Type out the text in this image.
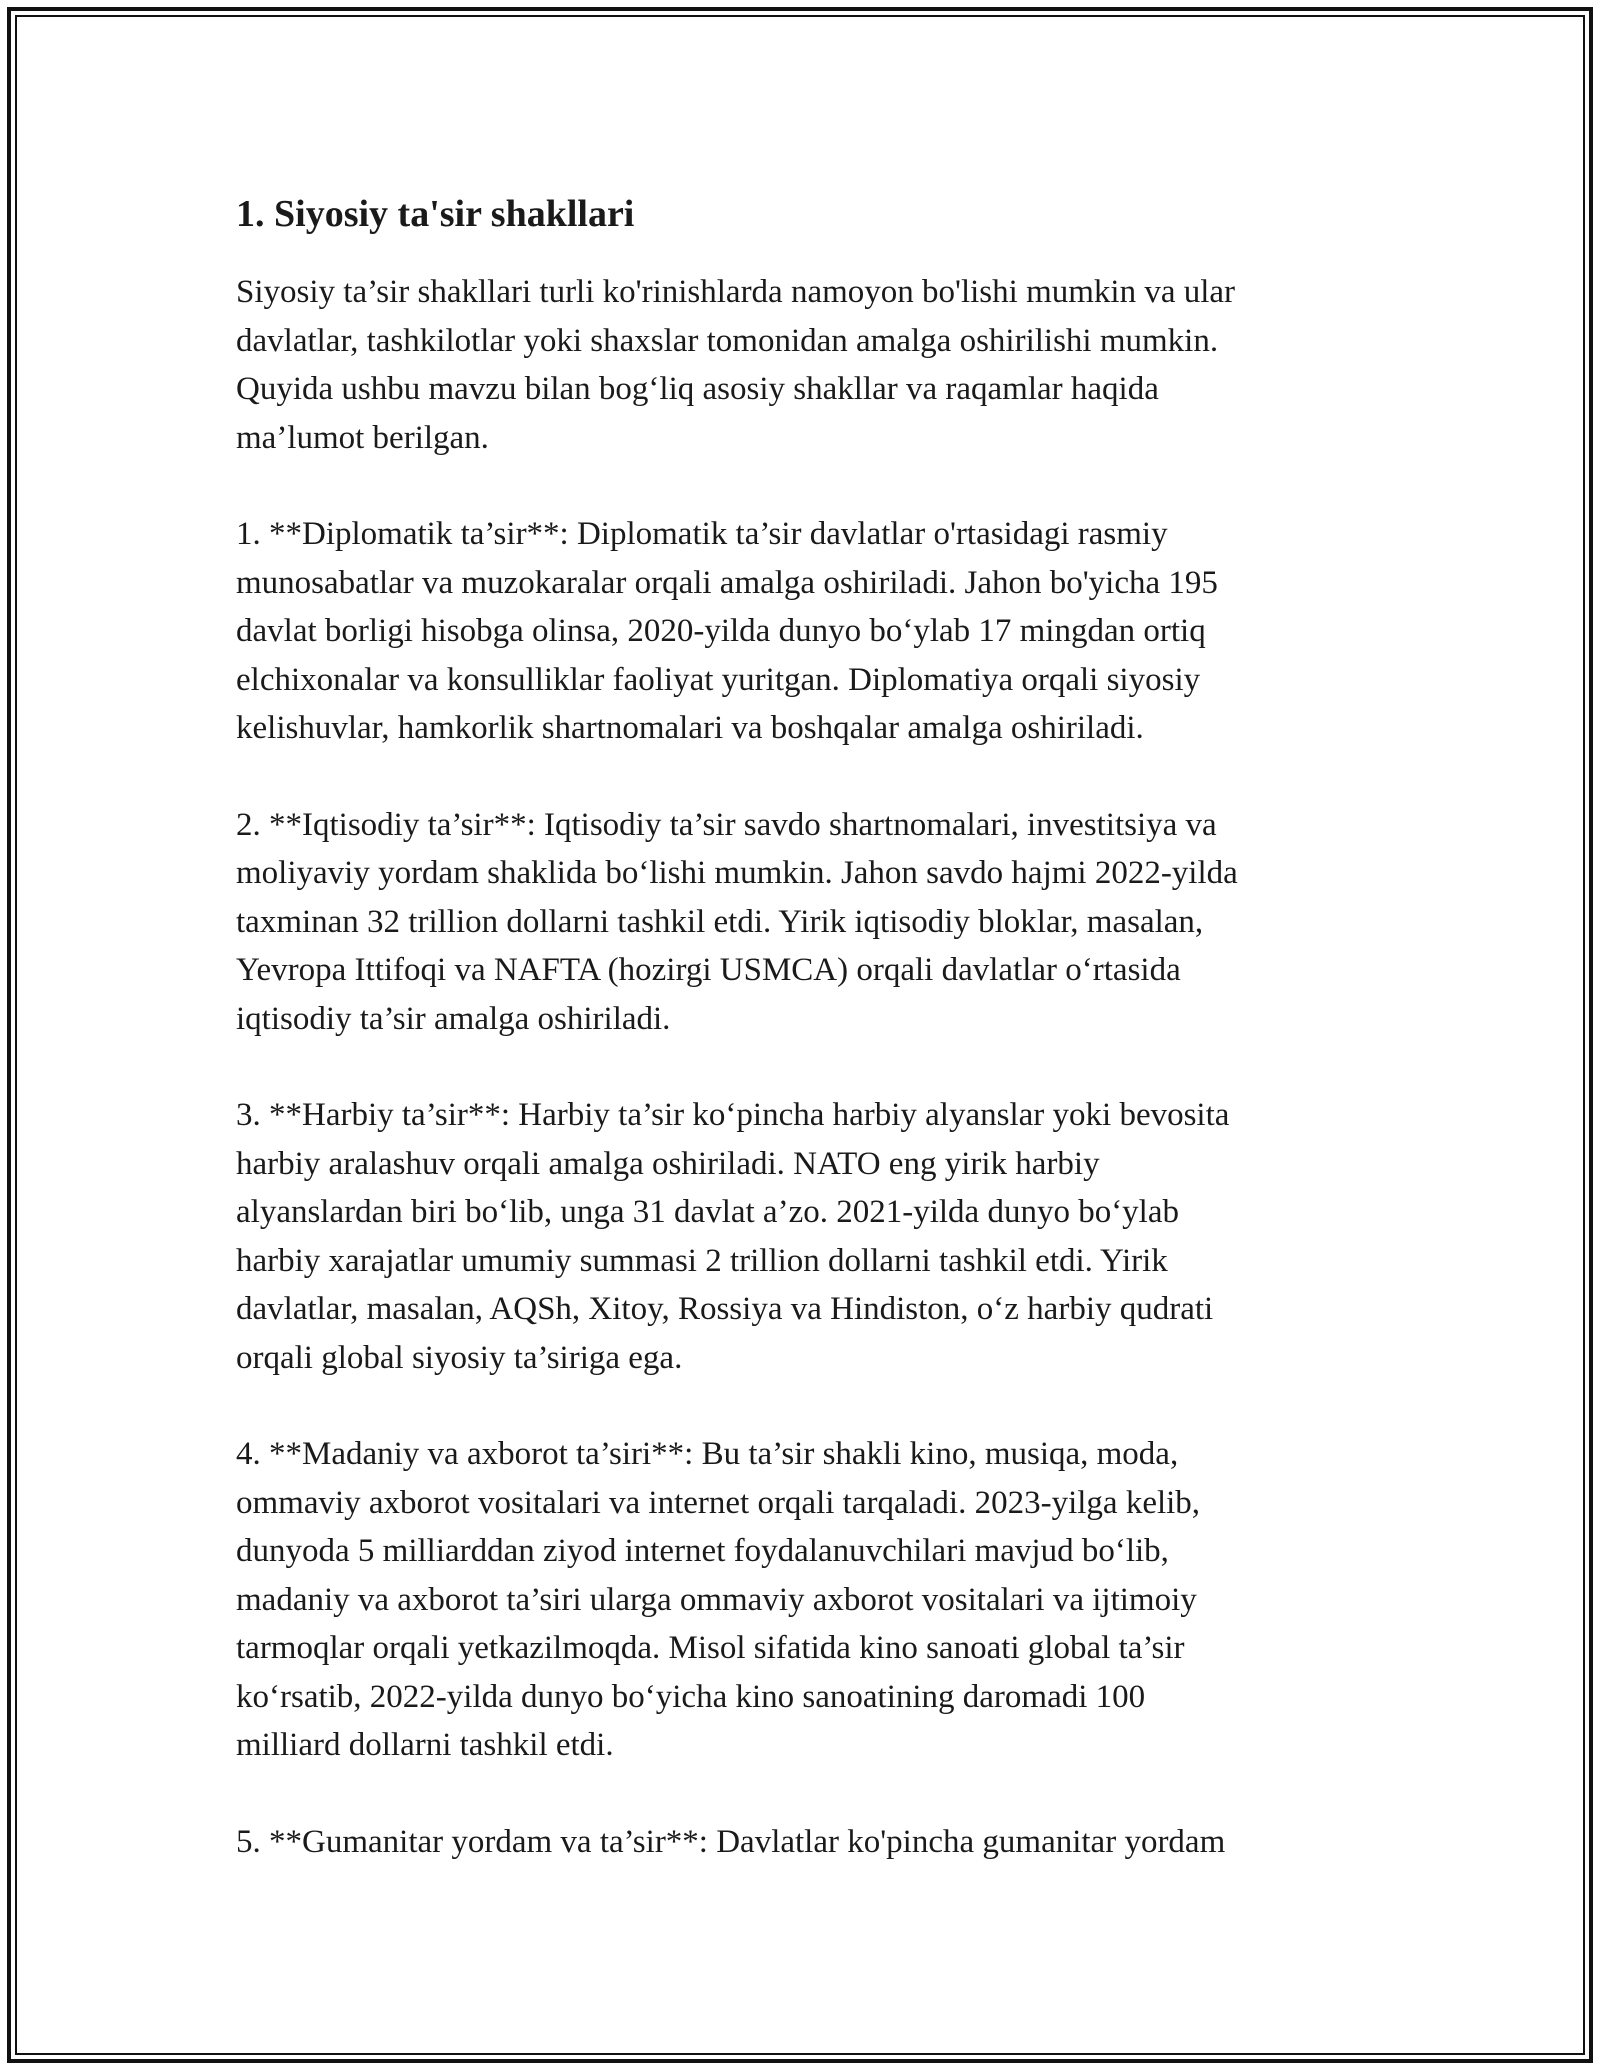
1. Siyosiy ta'sir shakllari

Siyosiy ta’sir shakllari turli ko'rinishlarda namoyon bo'lishi mumkin va ular
davlatlar, tashkilotlar yoki shaxslar tomonidan amalga oshirilishi mumkin.
Quyida ushbu mavzu bilan bog‘liq asosiy shakllar va raqamlar haqida
ma’lumot berilgan.

1. **Diplomatik ta’sir**: Diplomatik ta’sir davlatlar o'rtasidagi rasmiy
munosabatlar va muzokaralar orqali amalga oshiriladi. Jahon bo'yicha 195
davlat borligi hisobga olinsa, 2020-yilda dunyo bo‘ylab 17 mingdan ortiq
elchixonalar va konsulliklar faoliyat yuritgan. Diplomatiya orqali siyosiy
kelishuvlar, hamkorlik shartnomalari va boshqalar amalga oshiriladi.

2. **Iqtisodiy ta’sir**: Iqtisodiy ta’sir savdo shartnomalari, investitsiya va
moliyaviy yordam shaklida bo‘lishi mumkin. Jahon savdo hajmi 2022-yilda
taxminan 32 trillion dollarni tashkil etdi. Yirik iqtisodiy bloklar, masalan,
Yevropa Ittifoqi va NAFTA (hozirgi USMCA) orqali davlatlar o‘rtasida
iqtisodiy ta’sir amalga oshiriladi.

3. **Harbiy ta’sir**: Harbiy ta’sir ko‘pincha harbiy alyanslar yoki bevosita
harbiy aralashuv orqali amalga oshiriladi. NATO eng yirik harbiy
alyanslardan biri bo‘lib, unga 31 davlat a’zo. 2021-yilda dunyo bo‘ylab
harbiy xarajatlar umumiy summasi 2 trillion dollarni tashkil etdi. Yirik
davlatlar, masalan, AQSh, Xitoy, Rossiya va Hindiston, o‘z harbiy qudrati
orqali global siyosiy ta’siriga ega.

4. **Madaniy va axborot ta’siri**: Bu ta’sir shakli kino, musiqa, moda,
ommaviy axborot vositalari va internet orqali tarqaladi. 2023-yilga kelib,
dunyoda 5 milliarddan ziyod internet foydalanuvchilari mavjud bo‘lib,
madaniy va axborot ta’siri ularga ommaviy axborot vositalari va ijtimoiy
tarmoqlar orqali yetkazilmoqda. Misol sifatida kino sanoati global ta’sir
ko‘rsatib, 2022-yilda dunyo bo‘yicha kino sanoatining daromadi 100
milliard dollarni tashkil etdi.

5. **Gumanitar yordam va ta’sir**: Davlatlar ko'pincha gumanitar yordam
